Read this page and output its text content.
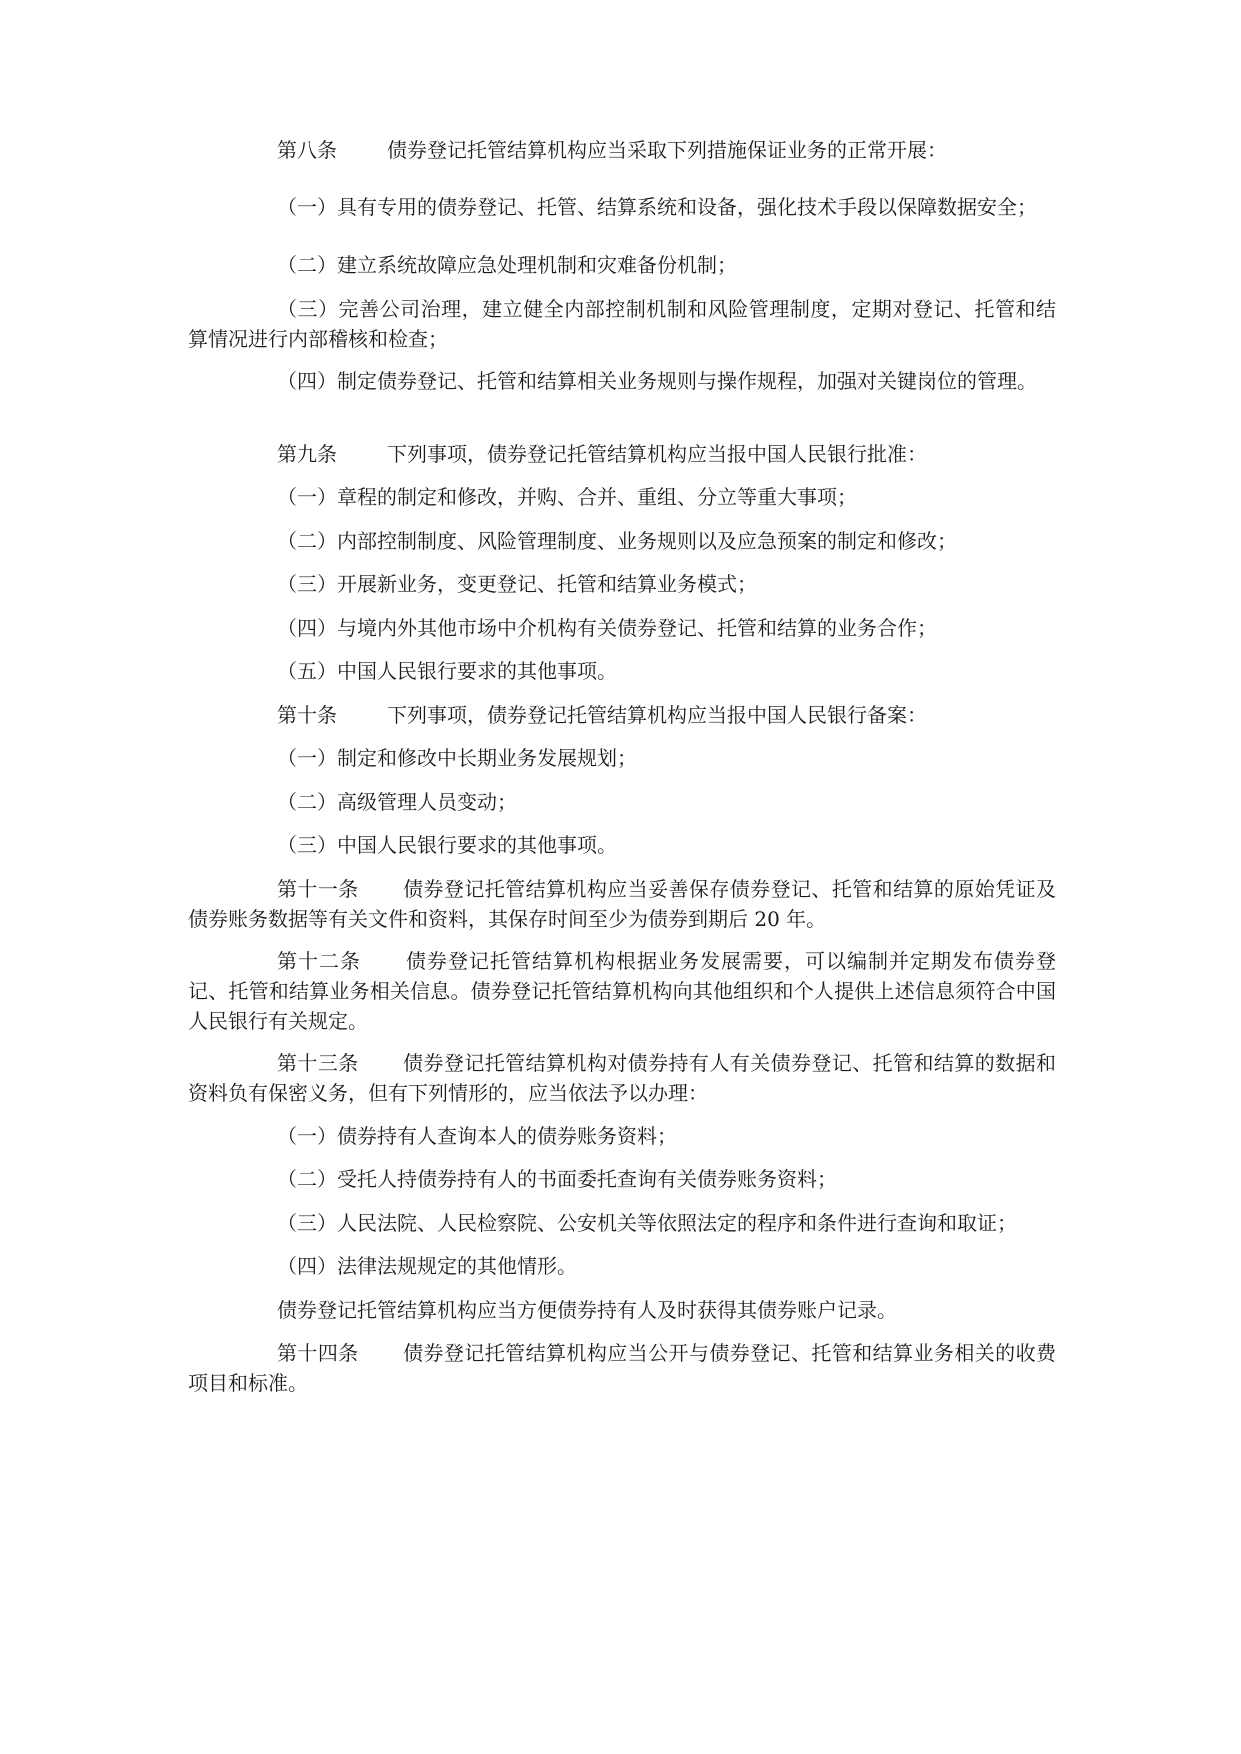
第八条	债券登记托管结算机构应当采取下列措施保证业务的正常开展：

（一）具有专用的债券登记、托管、结算系统和设备，强化技术手段以保障数据安全；

（二）建立系统故障应急处理机制和灾难备份机制；

（三）完善公司治理，建立健全内部控制机制和风险管理制度，定期对登记、托管和结算情况进行内部稽核和检查；

（四）制定债券登记、托管和结算相关业务规则与操作规程，加强对关键岗位的管理。

第九条	下列事项，债券登记托管结算机构应当报中国人民银行批准：

（一）章程的制定和修改，并购、合并、重组、分立等重大事项；

（二）内部控制制度、风险管理制度、业务规则以及应急预案的制定和修改；

（三）开展新业务，变更登记、托管和结算业务模式；

（四）与境内外其他市场中介机构有关债券登记、托管和结算的业务合作；

（五）中国人民银行要求的其他事项。

第十条	下列事项，债券登记托管结算机构应当报中国人民银行备案：

（一）制定和修改中长期业务发展规划；

（二）高级管理人员变动；

（三）中国人民银行要求的其他事项。

第十一条 债券登记托管结算机构应当妥善保存债券登记、托管和结算的原始凭证及债券账务数据等有关文件和资料，其保存时间至少为债券到期后 20 年。

第十二条 债券登记托管结算机构根据业务发展需要，可以编制并定期发布债券登记、托管和结算业务相关信息。债券登记托管结算机构向其他组织和个人提供上述信息须符合中国人民银行有关规定。

第十三条 债券登记托管结算机构对债券持有人有关债券登记、托管和结算的数据和资料负有保密义务，但有下列情形的，应当依法予以办理：

（一）债券持有人查询本人的债券账务资料；

（二）受托人持债券持有人的书面委托查询有关债券账务资料；

（三）人民法院、人民检察院、公安机关等依照法定的程序和条件进行查询和取证；

（四）法律法规规定的其他情形。

债券登记托管结算机构应当方便债券持有人及时获得其债券账户记录。

第十四条 债券登记托管结算机构应当公开与债券登记、托管和结算业务相关的收费项目和标准。
